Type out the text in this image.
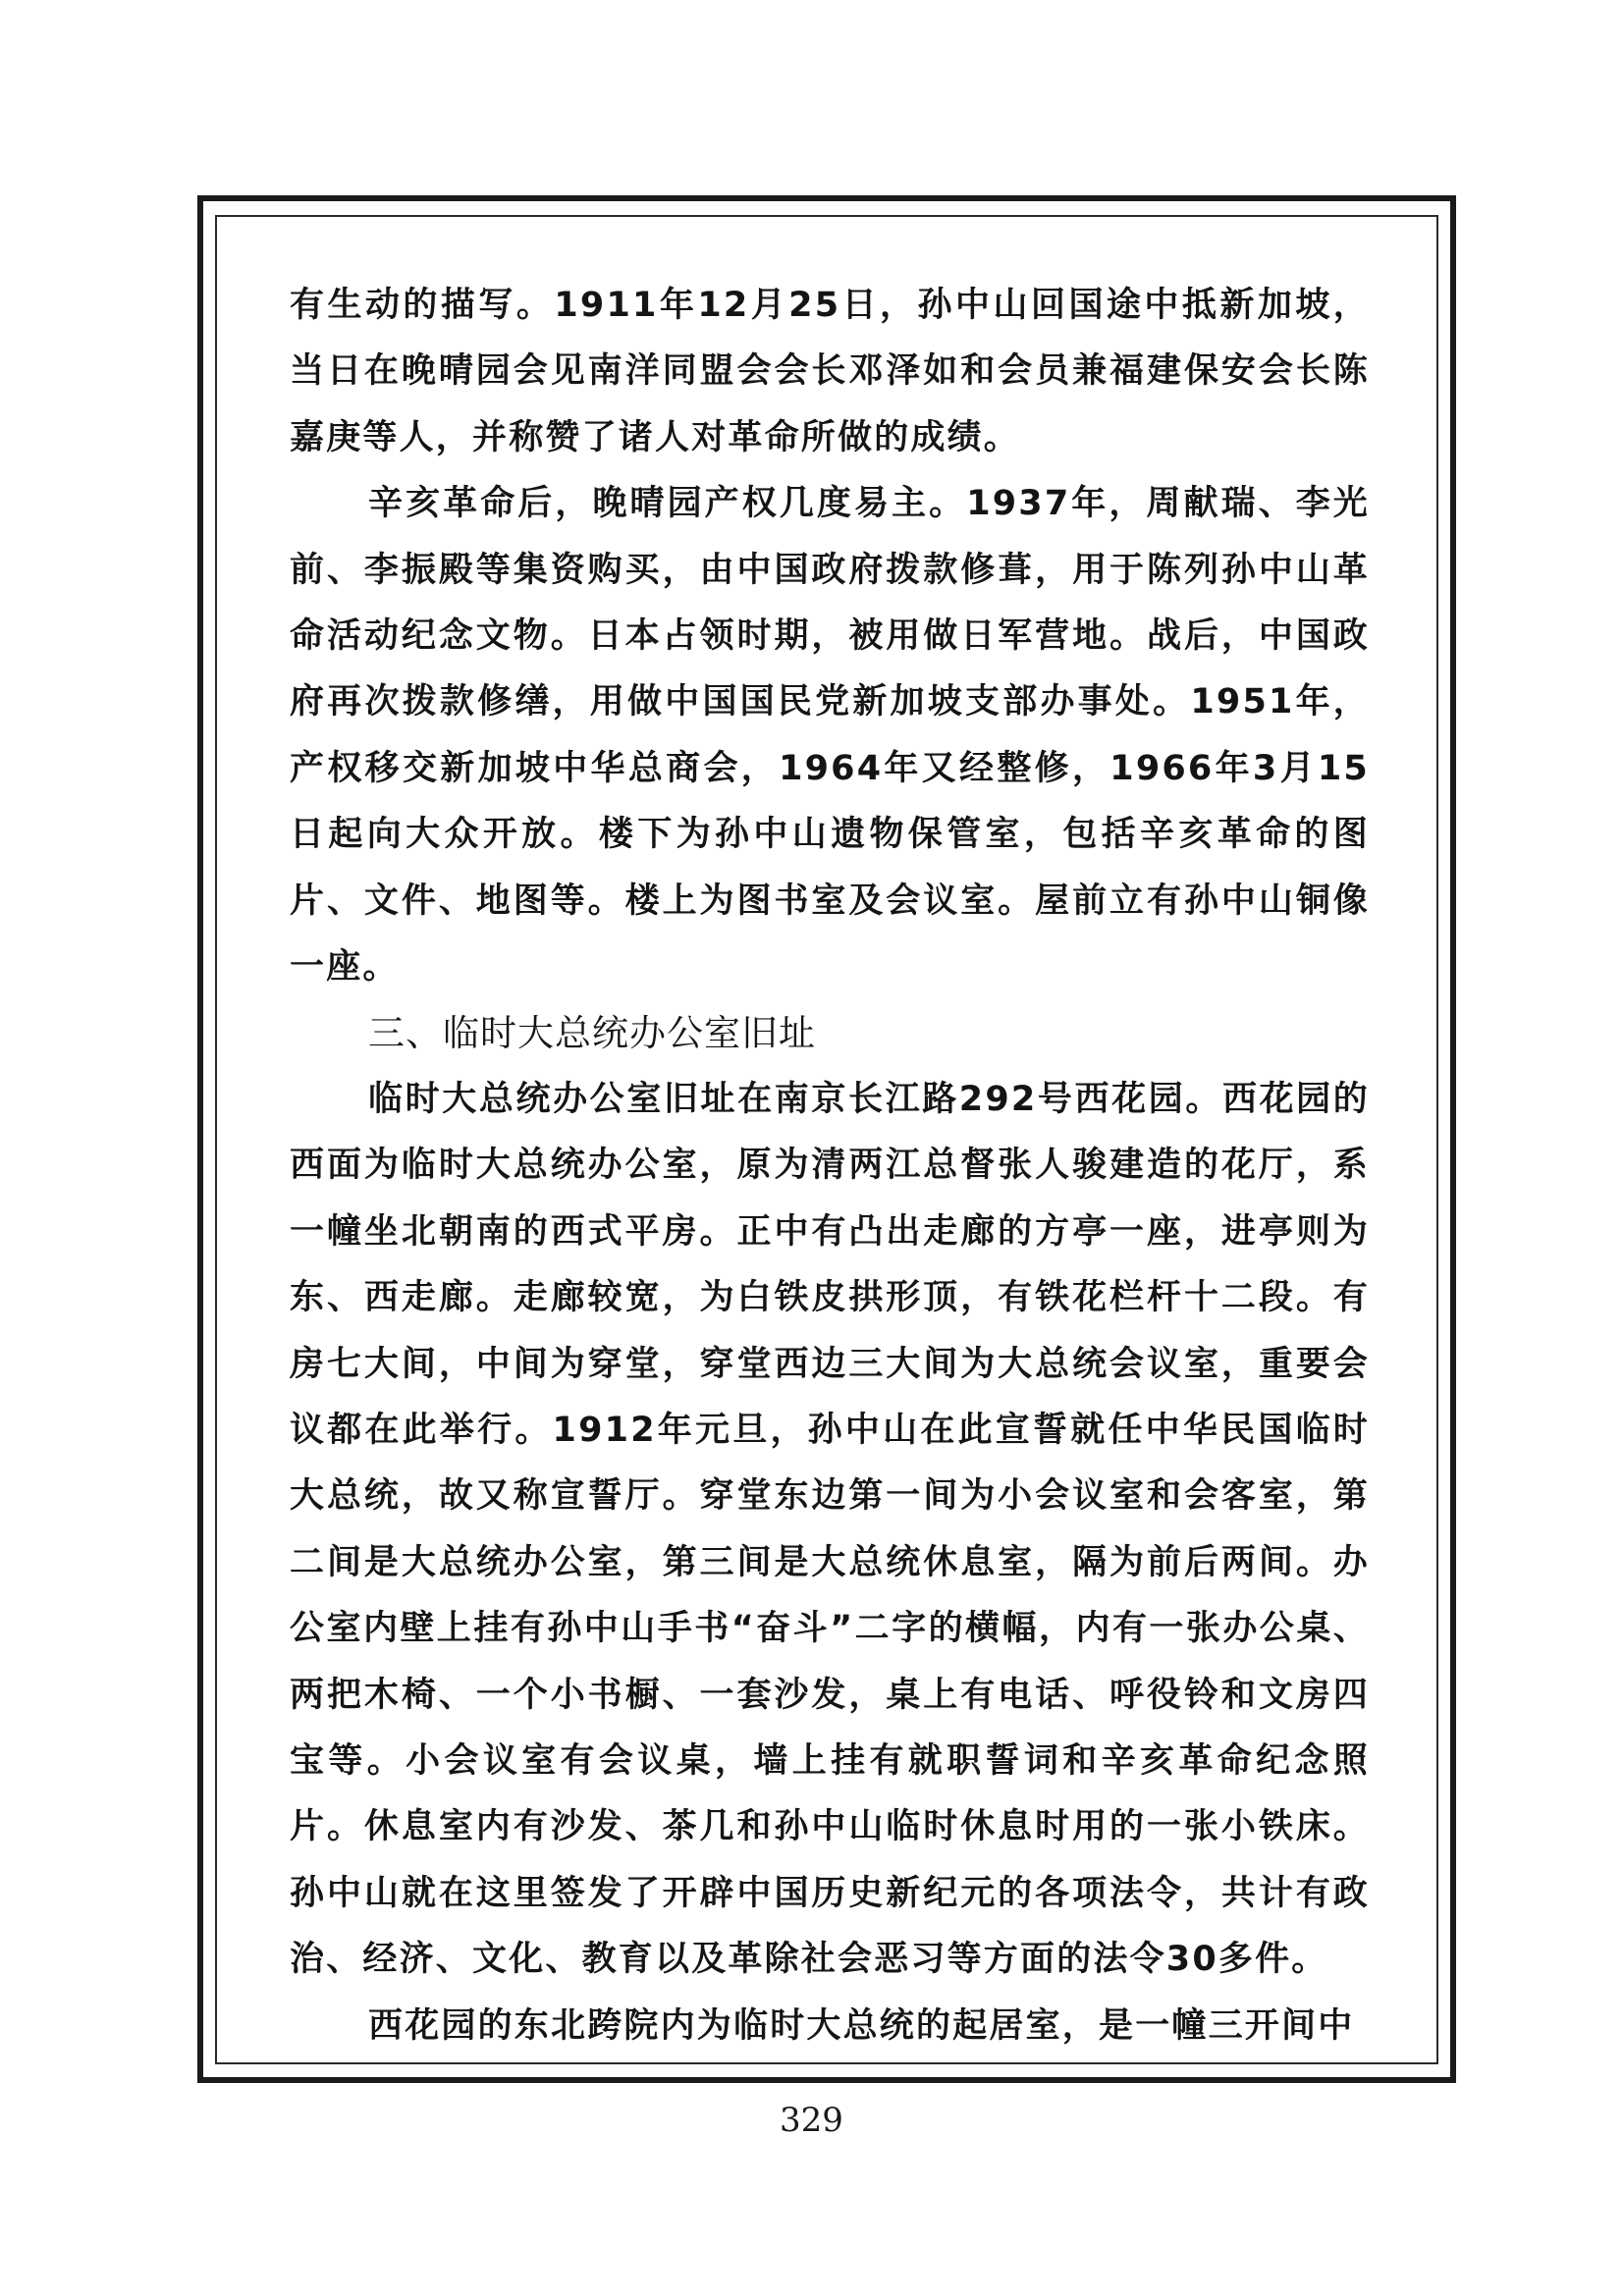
有生动的描写。1911年12月25日，孙中山回国途中抵新加坡，当日在晚晴园会见南洋同盟会会长邓泽如和会员兼福建保安会长陈嘉庚等人，并称赞了诸人对革命所做的成绩。

辛亥革命后，晚晴园产权几度易主。1937年，周献瑞、李光前、李振殿等集资购买，由中国政府拨款修葺，用于陈列孙中山革命活动纪念文物。日本占领时期，被用做日军营地。战后，中国政府再次拨款修缮，用做中国国民党新加坡支部办事处。1951年，产权移交新加坡中华总商会，1964年又经整修，1966年3月15日起向大众开放。楼下为孙中山遗物保管室，包括辛亥革命的图片、文件、地图等。楼上为图书室及会议室。屋前立有孙中山铜像一座。

三、临时大总统办公室旧址

临时大总统办公室旧址在南京长江路292号西花园。西花园的西面为临时大总统办公室，原为清两江总督张人骏建造的花厅，系一幢坐北朝南的西式平房。正中有凸出走廊的方亭一座，进亭则为东、西走廊。走廊较宽，为白铁皮拱形顶，有铁花栏杆十二段。有房七大间，中间为穿堂，穿堂西边三大间为大总统会议室，重要会议都在此举行。1912年元旦，孙中山在此宣誓就任中华民国临时大总统，故又称宣誓厅。穿堂东边第一间为小会议室和会客室，第二间是大总统办公室，第三间是大总统休息室，隔为前后两间。办公室内壁上挂有孙中山手书“奋斗”二字的横幅，内有一张办公桌、两把木椅、一个小书橱、一套沙发，桌上有电话、呼役铃和文房四宝等。小会议室有会议桌，墙上挂有就职誓词和辛亥革命纪念照片。休息室内有沙发、茶几和孙中山临时休息时用的一张小铁床。孙中山就在这里签发了开辟中国历史新纪元的各项法令，共计有政治、经济、文化、教育以及革除社会恶习等方面的法令30多件。

西花园的东北跨院内为临时大总统的起居室，是一幢三开间中

329
